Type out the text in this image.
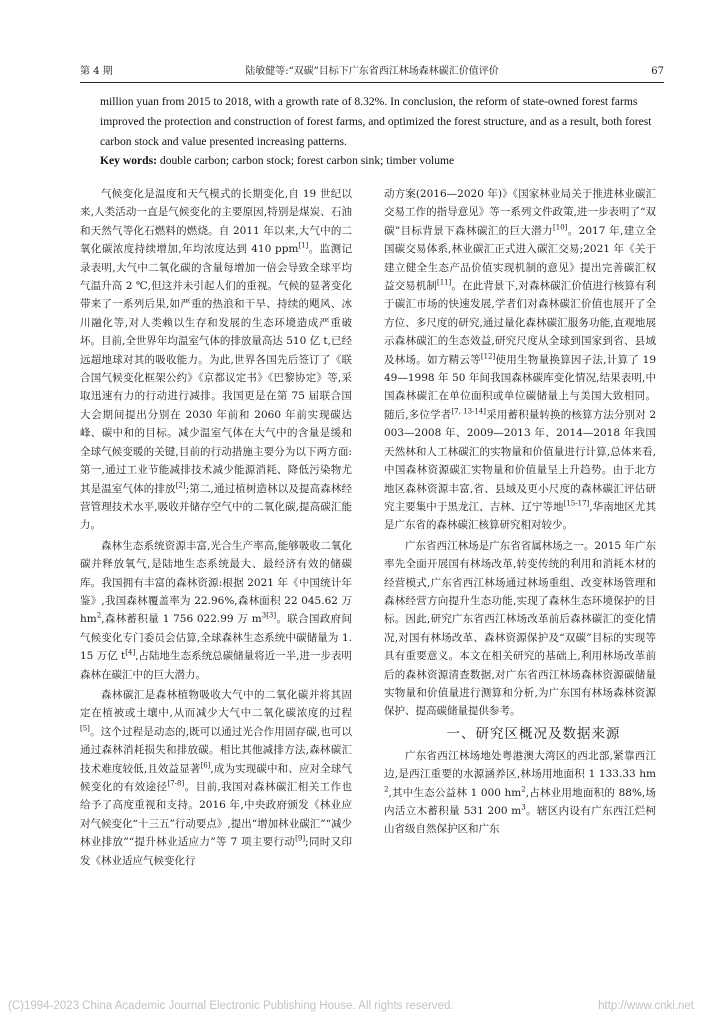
第 4 期	陆敏健等:“双碳”目标下广东省西江林场森林碳汇价值评价	67

million yuan from 2015 to 2018, with a growth rate of 8.32%. In conclusion, the reform of state-owned forest farms improved the protection and construction of forest farms, and optimized the forest structure, and as a result, both forest carbon stock and value presented increasing patterns.

Key words: double carbon; carbon stock; forest carbon sink; timber volume

气候变化是温度和天气模式的长期变化,自 19 世纪以来,人类活动一直是气候变化的主要原因,特别是煤炭、石油和天然气等化石燃料的燃烧。自 2011 年以来,大气中的二氧化碳浓度持续增加,年均浓度达到 410 ppm[1]。监测记录表明,大气中二氧化碳的含量每增加一倍会导致全球平均气温升高 2 ℃,但这并未引起人们的重视。气候的显著变化带来了一系列后果,如严重的热浪和干旱、持续的飓风、冰川融化等,对人类赖以生存和发展的生态环境造成严重破坏。目前,全世界年均温室气体的排放量高达 510 亿 t,已经远超地球对其的吸收能力。为此,世界各国先后签订了《联合国气候变化框架公约》《京都议定书》《巴黎协定》等,采取迅速有力的行动进行减排。我国更是在第 75 届联合国大会期间提出分别在 2030 年前和 2060 年前实现碳达峰、碳中和的目标。减少温室气体在大气中的含量是缓和全球气候变暖的关键,目前的行动措施主要分为以下两方面:第一,通过工业节能减排技术减少能源消耗、降低污染物尤其是温室气体的排放[2];第二,通过植树造林以及提高森林经营管理技术水平,吸收并储存空气中的二氧化碳,提高碳汇能力。

森林生态系统资源丰富,光合生产率高,能够吸收二氧化碳并释放氧气,是陆地生态系统最大、最经济有效的储碳库。我国拥有丰富的森林资源:根据 2021 年《中国统计年鉴》,我国森林覆盖率为 22.96%,森林面积 22 045.62 万 $hm^2$,森林蓄积量 1 756 022.99 万 $m^{3[3]}$。联合国政府间气候变化专门委员会估算,全球森林生态系统中碳储量为 1.15 万亿 t[4],占陆地生态系统总碳储量将近一半,进一步表明森林在碳汇中的巨大潜力。

森林碳汇是森林植物吸收大气中的二氧化碳并将其固定在植被或土壤中,从而减少大气中二氧化碳浓度的过程[5]。这个过程是动态的,既可以通过光合作用固存碳,也可以通过森林消耗损失和排放碳。相比其他减排方法,森林碳汇技术难度较低,且效益显著[6],成为实现碳中和、应对全球气候变化的有效途径[7-8]。目前,我国对森林碳汇相关工作也给予了高度重视和支持。2016 年,中央政府颁发《林业应对气候变化“十三五”行动要点》,提出“增加林业碳汇”“减少林业排放”“提升林业适应力”等 7 项主要行动[9];同时又印发《林业适应气候变化行

动方案(2016—2020 年)》《国家林业局关于推进林业碳汇交易工作的指导意见》等一系列文件政策,进一步表明了“双碳”目标背景下森林碳汇的巨大潜力[10]。2017 年,建立全国碳交易体系,林业碳汇正式进入碳汇交易;2021 年《关于建立健全生态产品价值实现机制的意见》提出完善碳汇权益交易机制[11]。在此背景下,对森林碳汇价值进行核算有利于碳汇市场的快速发展,学者们对森林碳汇价值也展开了全方位、多尺度的研究,通过量化森林碳汇服务功能,直观地展示森林碳汇的生态效益,研究尺度从全球到国家到省、县域及林场。如方精云等[12]使用生物量换算因子法,计算了 1949—1998 年 50 年间我国森林碳库变化情况,结果表明,中国森林碳汇在单位面积或单位碳储量上与美国大致相同。随后,多位学者[7, 13-14]采用蓄积量转换的核算方法分别对 2003—2008 年、2009—2013 年、2014—2018 年我国天然林和人工林碳汇的实物量和价值量进行计算,总体来看,中国森林资源碳汇实物量和价值量呈上升趋势。由于北方地区森林资源丰富,省、县域及更小尺度的森林碳汇评估研究主要集中于黑龙江、吉林、辽宁等地[15-17],华南地区尤其是广东省的森林碳汇核算研究相对较少。

广东省西江林场是广东省省属林场之一。2015 年广东率先全面开展国有林场改革,转变传统的利用和消耗木材的经营模式,广东省西江林场通过林场重组、改变林场管理和森林经营方向提升生态功能,实现了森林生态环境保护的目标。因此,研究广东省西江林场改革前后森林碳汇的变化情况,对国有林场改革、森林资源保护及“双碳”目标的实现等具有重要意义。本文在相关研究的基础上,利用林场改革前后的森林资源清查数据,对广东省西江林场森林资源碳储量实物量和价值量进行测算和分析,为广东国有林场森林资源保护、提高碳储量提供参考。

一、研究区概况及数据来源

广东省西江林场地处粤港澳大湾区的西北部,紧靠西江边,是西江重要的水源涵养区,林场用地面积 1 133.33 $hm^2$,其中生态公益林 1 000 $hm^2$,占林业用地面积的 88%,场内活立木蓄积量 531 200 $m^3$。辖区内设有广东西江烂柯山省级自然保护区和广东

(C)1994-2023 China Academic Journal Electronic Publishing House. All rights reserved.	http://www.cnki.net
